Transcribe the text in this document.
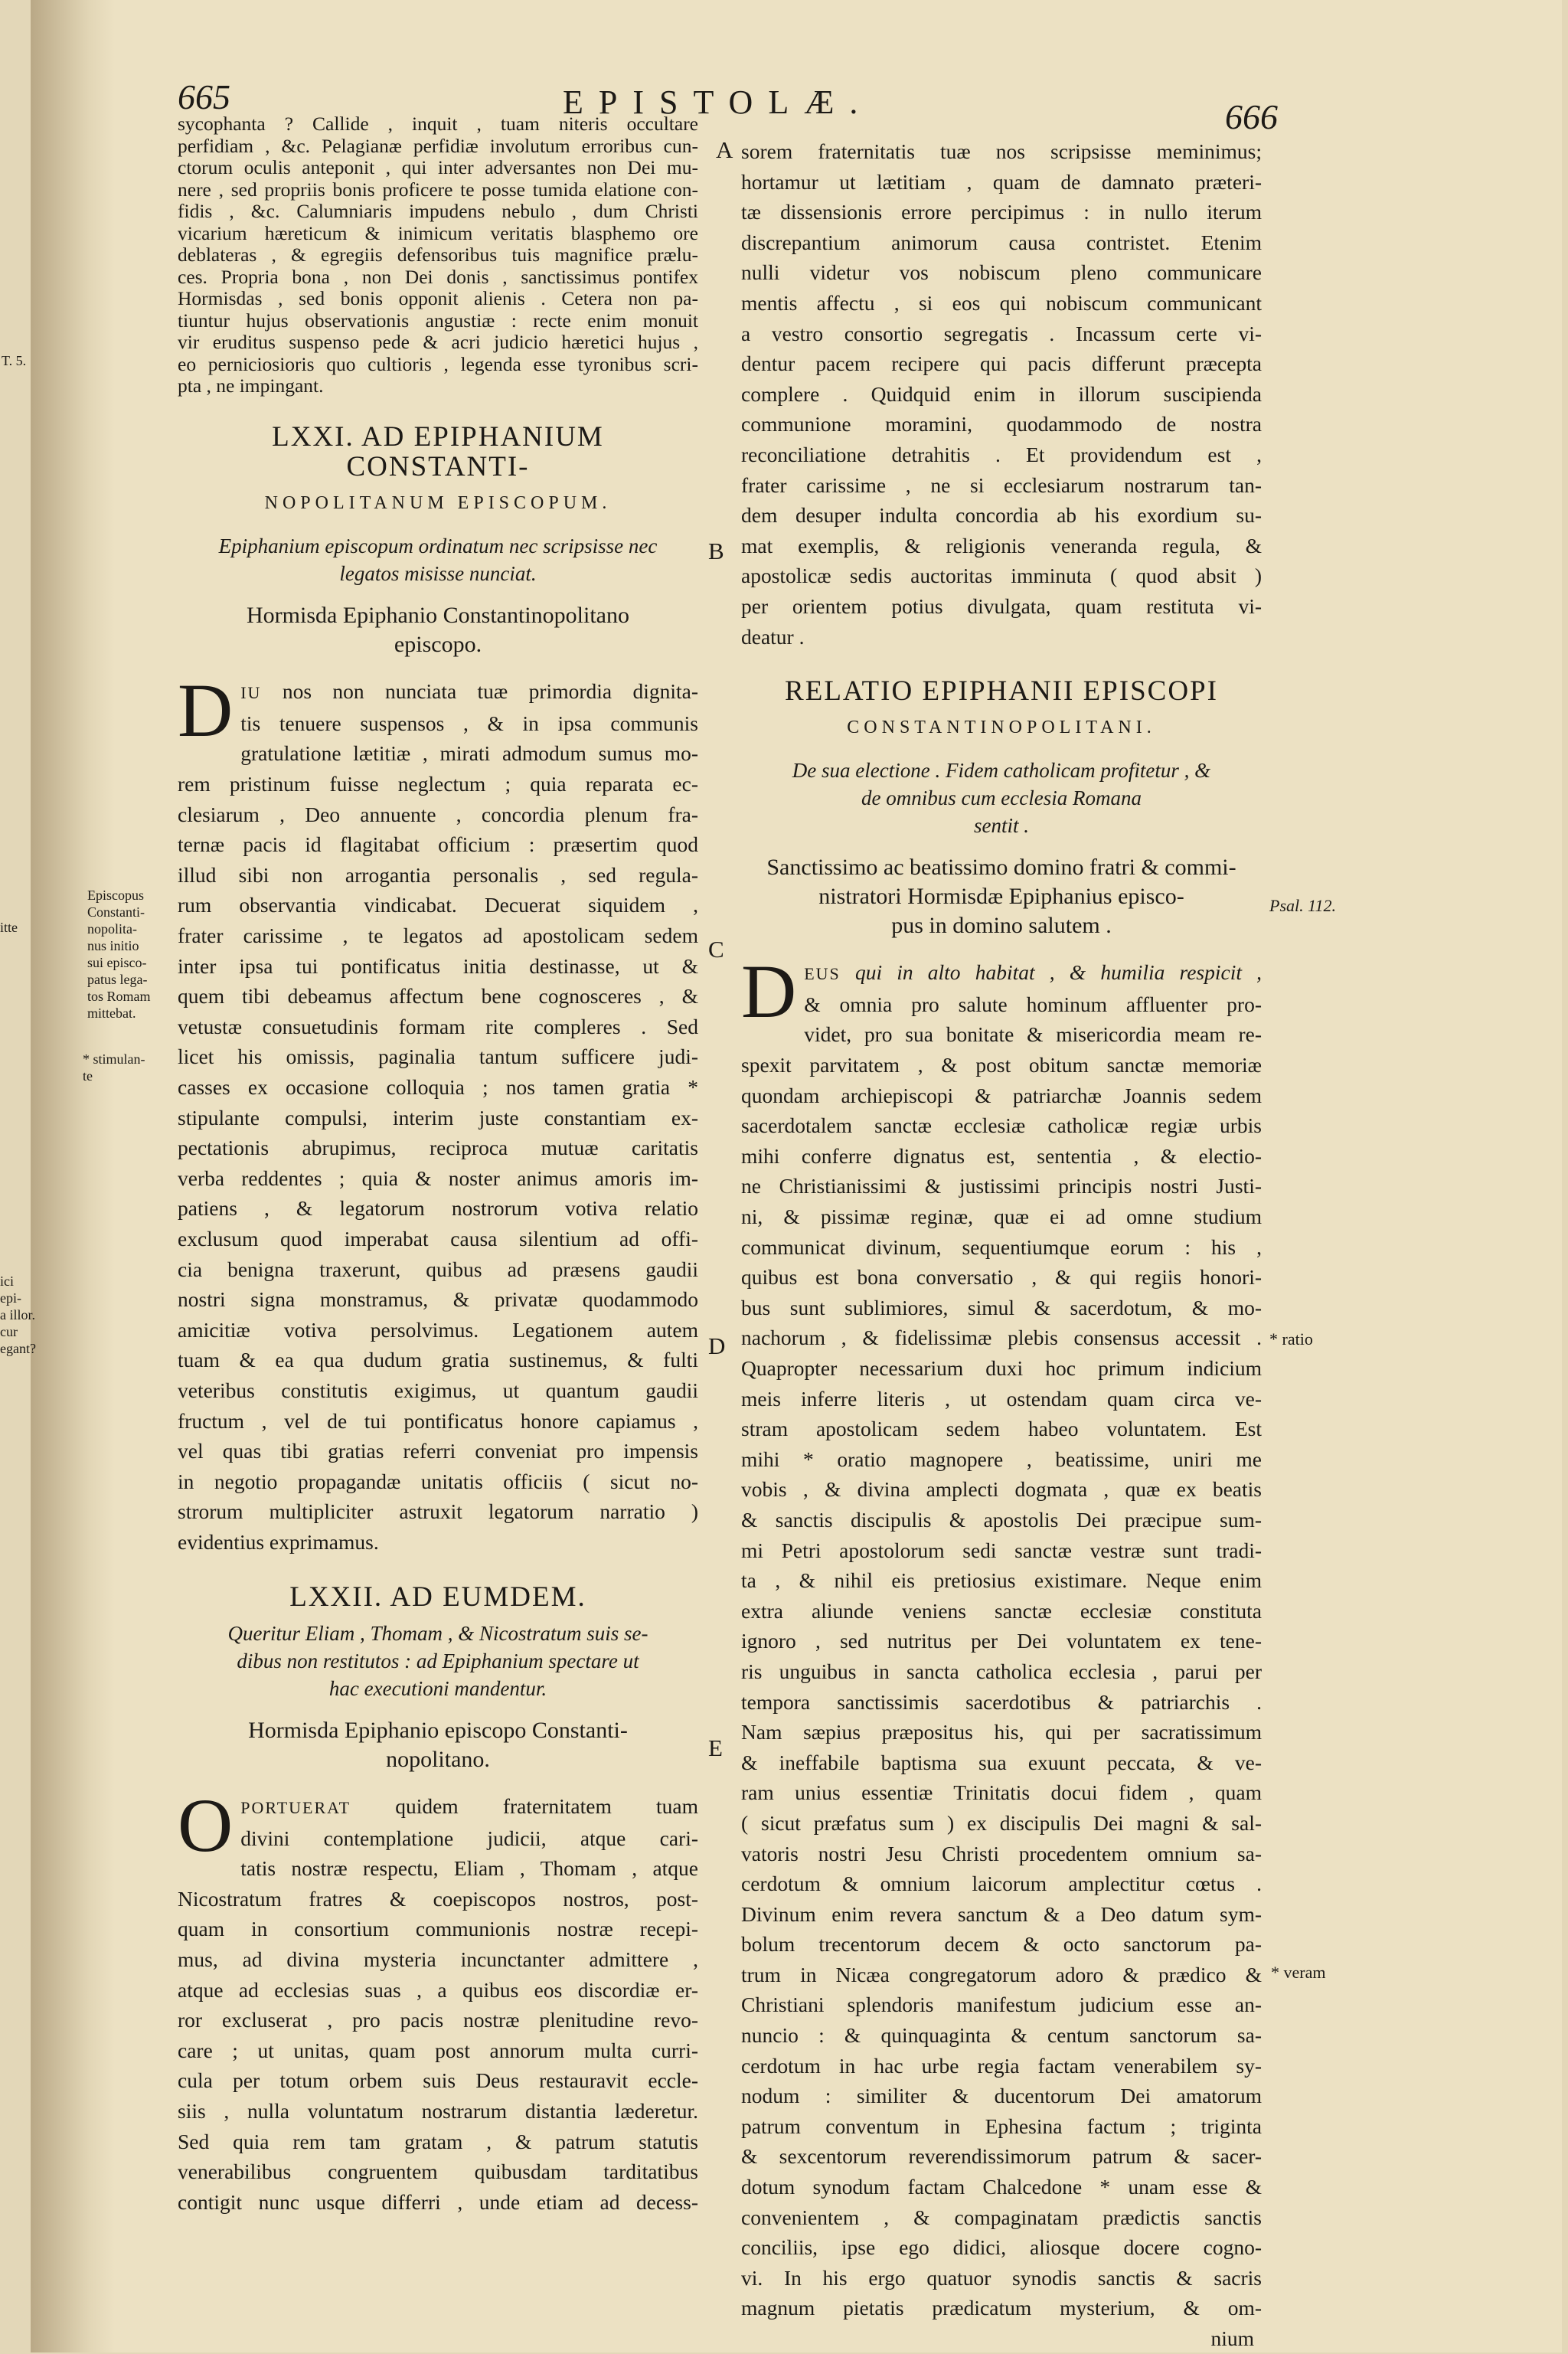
665	EPISTOLÆ.	666
T. 5.
itte
Episcopus
Constanti-
nopolita-
nus initio
sui episco-
patus lega-
tos Romam
mittebat.
* stimulan-
te
ici
epi-
a illor.
cur
egant?
Psal. 112.
* ratio
* veram
A
B
C
D
E

sycophanta ? Callide , inquit , tuam niteris occultare

perfidiam , &c. Pelagianæ perfidiæ involutum erroribus cun-

ctorum oculis anteponit , qui inter adversantes non Dei mu-

nere , sed propriis bonis proficere te posse tumida elatione con-

fidis , &c. Calumniaris impudens nebulo , dum Christi

vicarium hæreticum & inimicum veritatis blasphemo ore

deblateras , & egregiis defensoribus tuis magnifice prælu-

ces. Propria bona , non Dei donis , sanctissimus pontifex

Hormisdas , sed bonis opponit alienis . Cetera non pa-

tiuntur hujus observationis angustiæ : recte enim monuit

vir eruditus suspenso pede & acri judicio hæretici hujus ,

eo perniciosioris quo cultioris , legenda esse tyronibus scri-

pta , ne impingant.

LXXI. AD EPIPHANIUM CONSTANTI-
NOPOLITANUM EPISCOPUM.

Epiphanium episcopum ordinatum nec scripsisse nec

legatos misisse nunciat.

Hormisda Epiphanio Constantinopolitano

episcopo.

D IU nos non nunciata tuæ primordia dignita-

tis tenuere suspensos , & in ipsa communis

gratulatione lætitiæ , mirati admodum sumus mo-

rem pristinum fuisse neglectum ; quia reparata ec-

clesiarum , Deo annuente , concordia plenum fra-

ternæ pacis id flagitabat officium : præsertim quod

illud sibi non arrogantia personalis , sed regula-

rum observantia vindicabat. Decuerat siquidem ,

frater carissime , te legatos ad apostolicam sedem

inter ipsa tui pontificatus initia destinasse, ut &

quem tibi debeamus affectum bene cognosceres , &

vetustæ consuetudinis formam rite compleres . Sed

licet his omissis, paginalia tantum sufficere judi-

casses ex occasione colloquia ; nos tamen gratia *

stipulante compulsi, interim juste constantiam ex-

pectationis abrupimus, reciproca mutuæ caritatis

verba reddentes ; quia & noster animus amoris im-

patiens , & legatorum nostrorum votiva relatio

exclusum quod imperabat causa silentium ad offi-

cia benigna traxerunt, quibus ad præsens gaudii

nostri signa monstramus, & privatæ quodammodo

amicitiæ votiva persolvimus. Legationem autem

tuam & ea qua dudum gratia sustinemus, & fulti

veteribus constitutis exigimus, ut quantum gaudii

fructum , vel de tui pontificatus honore capiamus ,

vel quas tibi gratias referri conveniat pro impensis

in negotio propagandæ unitatis officiis ( sicut no-

strorum multipliciter astruxit legatorum narratio )

evidentius exprimamus.

LXXII. AD EUMDEM.

Queritur Eliam , Thomam , & Nicostratum suis se-

dibus non restitutos : ad Epiphanium spectare ut

hac executioni mandentur.

Hormisda Epiphanio episcopo Constanti-

nopolitano.

O PORTUERAT quidem fraternitatem tuam

divini contemplatione judicii, atque cari-

tatis nostræ respectu, Eliam , Thomam , atque

Nicostratum fratres & coepiscopos nostros, post-

quam in consortium communionis nostræ recepi-

mus, ad divina mysteria incunctanter admittere ,

atque ad ecclesias suas , a quibus eos discordiæ er-

ror excluserat , pro pacis nostræ plenitudine revo-

care ; ut unitas, quam post annorum multa curri-

cula per totum orbem suis Deus restauravit eccle-

siis , nulla voluntatum nostrarum distantia læderetur.

Sed quia rem tam gratam , & patrum statutis

venerabilibus congruentem quibusdam tarditatibus

contigit nunc usque differri , unde etiam ad decess-

sorem fraternitatis tuæ nos scripsisse meminimus;

hortamur ut lætitiam , quam de damnato præteri-

tæ dissensionis errore percipimus : in nullo iterum

discrepantium animorum causa contristet. Etenim

nulli videtur vos nobiscum pleno communicare

mentis affectu , si eos qui nobiscum communicant

a vestro consortio segregatis . Incassum certe vi-

dentur pacem recipere qui pacis differunt præcepta

complere . Quidquid enim in illorum suscipienda

communione moramini, quodammodo de nostra

reconciliatione detrahitis . Et providendum est ,

frater carissime , ne si ecclesiarum nostrarum tan-

dem desuper indulta concordia ab his exordium su-

mat exemplis, & religionis veneranda regula, &

apostolicæ sedis auctoritas imminuta ( quod absit )

per orientem potius divulgata, quam restituta vi-

deatur .

RELATIO EPIPHANII EPISCOPI
CONSTANTINOPOLITANI.

De sua electione . Fidem catholicam profitetur , &

de omnibus cum ecclesia Romana

sentit .

Sanctissimo ac beatissimo domino fratri & commi-

nistratori Hormisdæ Epiphanius episco-

pus in domino salutem .

D EUS qui in alto habitat , & humilia respicit ,

& omnia pro salute hominum affluenter pro-

videt, pro sua bonitate & misericordia meam re-

spexit parvitatem , & post obitum sanctæ memoriæ

quondam archiepiscopi & patriarchæ Joannis sedem

sacerdotalem sanctæ ecclesiæ catholicæ regiæ urbis

mihi conferre dignatus est, sententia , & electio-

ne Christianissimi & justissimi principis nostri Justi-

ni, & pissimæ reginæ, quæ ei ad omne studium

communicat divinum, sequentiumque eorum : his ,

quibus est bona conversatio , & qui regiis honori-

bus sunt sublimiores, simul & sacerdotum, & mo-

nachorum , & fidelissimæ plebis consensus accessit .

Quapropter necessarium duxi hoc primum indicium

meis inferre literis , ut ostendam quam circa ve-

stram apostolicam sedem habeo voluntatem. Est

mihi * oratio magnopere , beatissime, uniri me

vobis , & divina amplecti dogmata , quæ ex beatis

& sanctis discipulis & apostolis Dei præcipue sum-

mi Petri apostolorum sedi sanctæ vestræ sunt tradi-

ta , & nihil eis pretiosius existimare. Neque enim

extra aliunde veniens sanctæ ecclesiæ constituta

ignoro , sed nutritus per Dei voluntatem ex tene-

ris unguibus in sancta catholica ecclesia , parui per

tempora sanctissimis sacerdotibus & patriarchis .

Nam sæpius præpositus his, qui per sacratissimum

& ineffabile baptisma sua exuunt peccata, & ve-

ram unius essentiæ Trinitatis docui fidem , quam

( sicut præfatus sum ) ex discipulis Dei magni & sal-

vatoris nostri Jesu Christi procedentem omnium sa-

cerdotum & omnium laicorum amplectitur cœtus .

Divinum enim revera sanctum & a Deo datum sym-

bolum trecentorum decem & octo sanctorum pa-

trum in Nicæa congregatorum adoro & prædico &

Christiani splendoris manifestum judicium esse an-

nuncio : & quinquaginta & centum sanctorum sa-

cerdotum in hac urbe regia factam venerabilem sy-

nodum : similiter & ducentorum Dei amatorum

patrum conventum in Ephesina factum ; triginta

& sexcentorum reverendissimorum patrum & sacer-

dotum synodum factam Chalcedone * unam esse &

convenientem , & compaginatam prædictis sanctis

conciliis, ipse ego didici, aliosque docere cogno-

vi. In his ergo quatuor synodis sanctis & sacris

magnum pietatis prædicatum mysterium, & om-

nium
